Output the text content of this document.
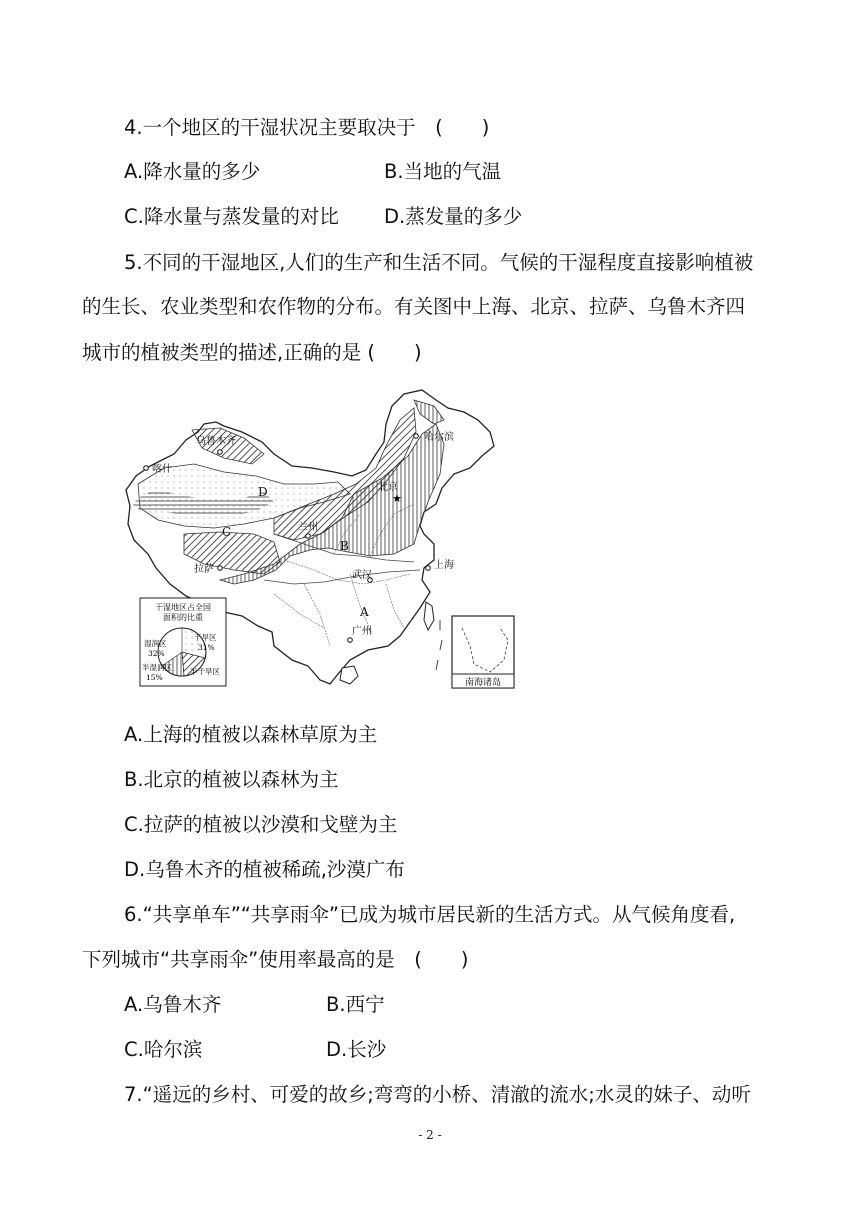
4.一个地区的干湿状况主要取决于　(　　)
A.降水量的多少	B.当地的气温
C.降水量与蒸发量的对比 D.蒸发量的多少
5.不同的干湿地区,人们的生产和生活不同。气候的干湿程度直接影响植被
的生长、农业类型和农作物的分布。有关图中上海、北京、拉萨、乌鲁木齐四
城市的植被类型的描述,正确的是 (　　)
★
乌鲁木齐
喀什
哈尔滨
北京
兰州
拉萨	上海
武汉
广州
A
B
C
D
南海诸岛
干湿地区占全国
面积的比重
湿润区
32%
干旱区
31%
半湿润区
15%
半干旱区
A.上海的植被以森林草原为主
B.北京的植被以森林为主
C.拉萨的植被以沙漠和戈壁为主
D.乌鲁木齐的植被稀疏,沙漠广布
6.“共享单车”“共享雨伞”已成为城市居民新的生活方式。从气候角度看,
下列城市“共享雨伞”使用率最高的是　(　　)
A.乌鲁木齐	B.西宁
C.哈尔滨	D.长沙
7.“遥远的乡村、可爱的故乡;弯弯的小桥、清澈的流水;水灵的妹子、动听
- 2 -
